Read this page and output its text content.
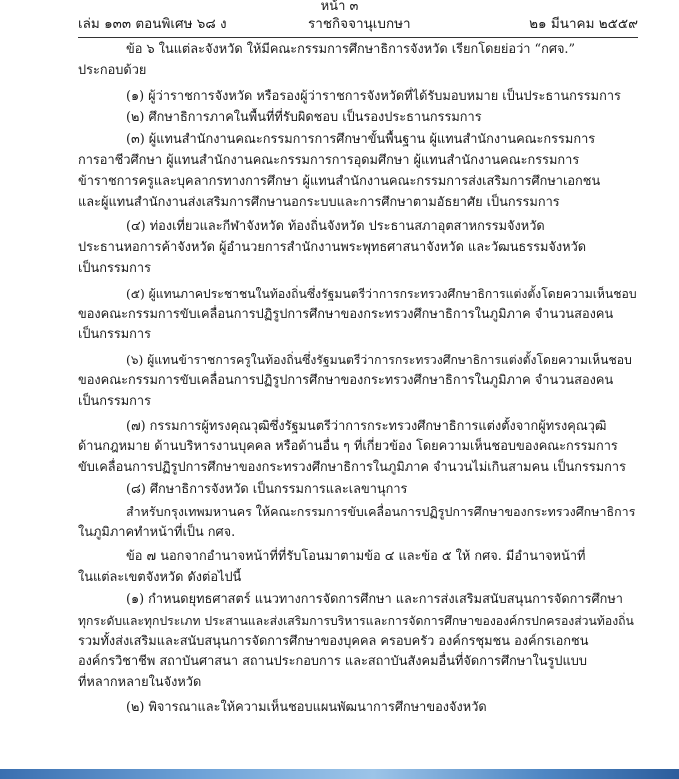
หน้า ๓
เล่ม ๑๓๓ ตอนพิเศษ ๖๘ ง	ราชกิจจานุเบกษา	๒๑ มีนาคม ๒๕๕๙
ข้อ ๖ ในแต่ละจังหวัด ให้มีคณะกรรมการศึกษาธิการจังหวัด เรียกโดยย่อว่า “กศจ.”
ประกอบด้วย
(๑) ผู้ว่าราชการจังหวัด หรือรองผู้ว่าราชการจังหวัดที่ได้รับมอบหมาย เป็นประธานกรรมการ
(๒) ศึกษาธิการภาคในพื้นที่ที่รับผิดชอบ เป็นรองประธานกรรมการ
(๓) ผู้แทนสำนักงานคณะกรรมการการศึกษาขั้นพื้นฐาน ผู้แทนสำนักงานคณะกรรมการ
การอาชีวศึกษา ผู้แทนสำนักงานคณะกรรมการการอุดมศึกษา ผู้แทนสำนักงานคณะกรรมการ
ข้าราชการครูและบุคลากรทางการศึกษา ผู้แทนสำนักงานคณะกรรมการส่งเสริมการศึกษาเอกชน
และผู้แทนสำนักงานส่งเสริมการศึกษานอกระบบและการศึกษาตามอัธยาศัย เป็นกรรมการ
(๔) ท่องเที่ยวและกีฬาจังหวัด ท้องถิ่นจังหวัด ประธานสภาอุตสาหกรรมจังหวัด
ประธานหอการค้าจังหวัด ผู้อำนวยการสำนักงานพระพุทธศาสนาจังหวัด และวัฒนธรรมจังหวัด
เป็นกรรมการ
(๕) ผู้แทนภาคประชาชนในท้องถิ่นซึ่งรัฐมนตรีว่าการกระทรวงศึกษาธิการแต่งตั้งโดยความเห็นชอบ
ของคณะกรรมการขับเคลื่อนการปฏิรูปการศึกษาของกระทรวงศึกษาธิการในภูมิภาค จำนวนสองคน
เป็นกรรมการ
(๖) ผู้แทนข้าราชการครูในท้องถิ่นซึ่งรัฐมนตรีว่าการกระทรวงศึกษาธิการแต่งตั้งโดยความเห็นชอบ
ของคณะกรรมการขับเคลื่อนการปฏิรูปการศึกษาของกระทรวงศึกษาธิการในภูมิภาค จำนวนสองคน
เป็นกรรมการ
(๗) กรรมการผู้ทรงคุณวุฒิซึ่งรัฐมนตรีว่าการกระทรวงศึกษาธิการแต่งตั้งจากผู้ทรงคุณวุฒิ
ด้านกฎหมาย ด้านบริหารงานบุคคล หรือด้านอื่น ๆ ที่เกี่ยวข้อง โดยความเห็นชอบของคณะกรรมการ
ขับเคลื่อนการปฏิรูปการศึกษาของกระทรวงศึกษาธิการในภูมิภาค จำนวนไม่เกินสามคน เป็นกรรมการ
(๘) ศึกษาธิการจังหวัด เป็นกรรมการและเลขานุการ
สำหรับกรุงเทพมหานคร ให้คณะกรรมการขับเคลื่อนการปฏิรูปการศึกษาของกระทรวงศึกษาธิการ
ในภูมิภาคทำหน้าที่เป็น กศจ.
ข้อ ๗ นอกจากอำนาจหน้าที่ที่รับโอนมาตามข้อ ๔ และข้อ ๕ ให้ กศจ. มีอำนาจหน้าที่
ในแต่ละเขตจังหวัด ดังต่อไปนี้
(๑) กำหนดยุทธศาสตร์ แนวทางการจัดการศึกษา และการส่งเสริมสนับสนุนการจัดการศึกษา
ทุกระดับและทุกประเภท ประสานและส่งเสริมการบริหารและการจัดการศึกษาขององค์กรปกครองส่วนท้องถิ่น
รวมทั้งส่งเสริมและสนับสนุนการจัดการศึกษาของบุคคล ครอบครัว องค์กรชุมชน องค์กรเอกชน
องค์กรวิชาชีพ สถาบันศาสนา สถานประกอบการ และสถาบันสังคมอื่นที่จัดการศึกษาในรูปแบบ
ที่หลากหลายในจังหวัด
(๒) พิจารณาและให้ความเห็นชอบแผนพัฒนาการศึกษาของจังหวัด
